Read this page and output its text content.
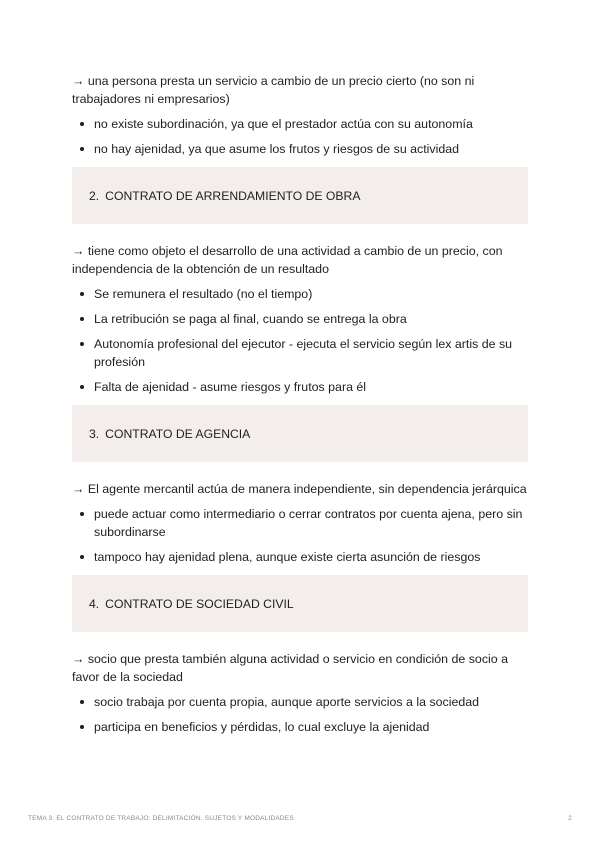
→ una persona presta un servicio a cambio de un precio cierto (no son ni trabajadores ni empresarios)

no existe subordinación, ya que el prestador actúa con su autonomía
no hay ajenidad, ya que asume los frutos y riesgos de su actividad
2. CONTRATO DE ARRENDAMIENTO DE OBRA

→ tiene como objeto el desarrollo de una actividad a cambio de un precio, con independencia de la obtención de un resultado

Se remunera el resultado (no el tiempo)
La retribución se paga al final, cuando se entrega la obra
Autonomía profesional del ejecutor - ejecuta el servicio según lex artis de su profesión
Falta de ajenidad - asume riesgos y frutos para él
3. CONTRATO DE AGENCIA

→ El agente mercantil actúa de manera independiente, sin dependencia jerárquica

puede actuar como intermediario o cerrar contratos por cuenta ajena, pero sin subordinarse
tampoco hay ajenidad plena, aunque existe cierta asunción de riesgos
4. CONTRATO DE SOCIEDAD CIVIL

→ socio que presta también alguna actividad o servicio en condición de socio a favor de la sociedad

socio trabaja por cuenta propia, aunque aporte servicios a la sociedad
participa en beneficios y pérdidas, lo cual excluye la ajenidad
TEMA 3. EL CONTRATO DE TRABAJO: DELIMITACIÓN, SUJETOS Y MODALIDADES	2
